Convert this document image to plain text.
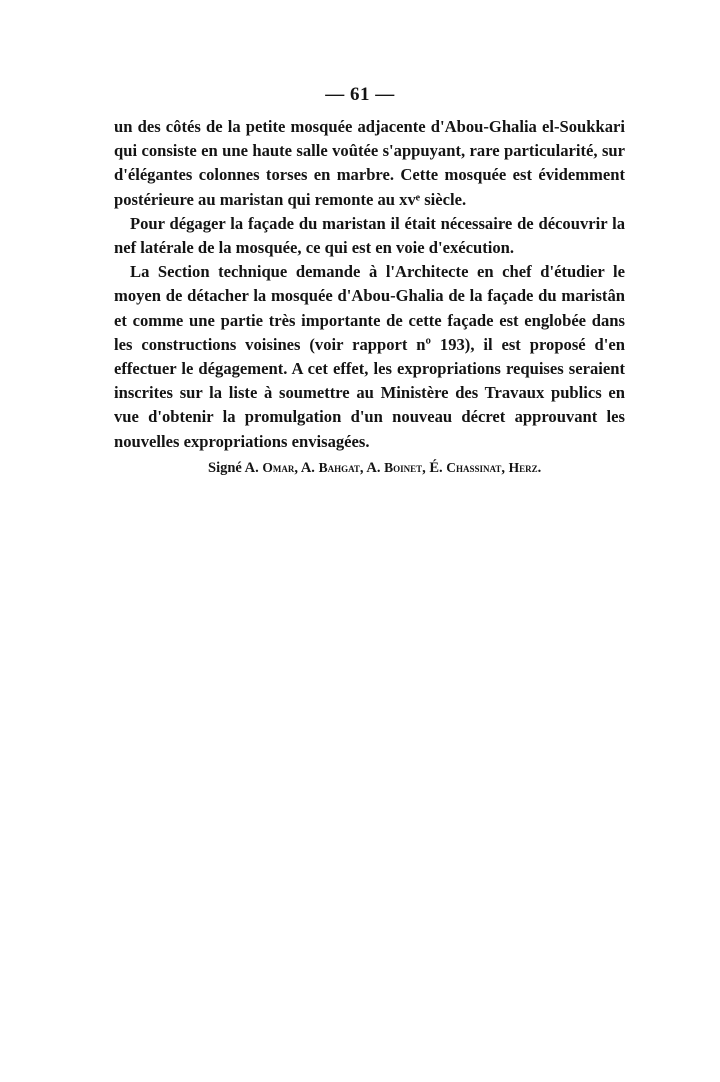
— 61 —

un des côtés de la petite mosquée adjacente d'Abou-Ghalia el-Soukkari qui consiste en une haute salle voûtée s'appuyant, rare particularité, sur d'élégantes colonnes torses en marbre. Cette mosquée est évidemment postérieure au maristan qui remonte au xvᵉ siècle.

Pour dégager la façade du maristan il était nécessaire de découvrir la nef latérale de la mosquée, ce qui est en voie d'exécution.

La Section technique demande à l'Architecte en chef d'étudier le moyen de détacher la mosquée d'Abou-Ghalia de la façade du maristân et comme une partie très importante de cette façade est englobée dans les constructions voisines (voir rapport nº 193), il est proposé d'en effectuer le dégagement. A cet effet, les expropriations requises seraient inscrites sur la liste à soumettre au Ministère des Travaux publics en vue d'obtenir la promulgation d'un nouveau décret approuvant les nouvelles expropriations envisagées.

Signé A. Omar, A. Bahgat, A. Boinet, É. Chassinat, Herz.
